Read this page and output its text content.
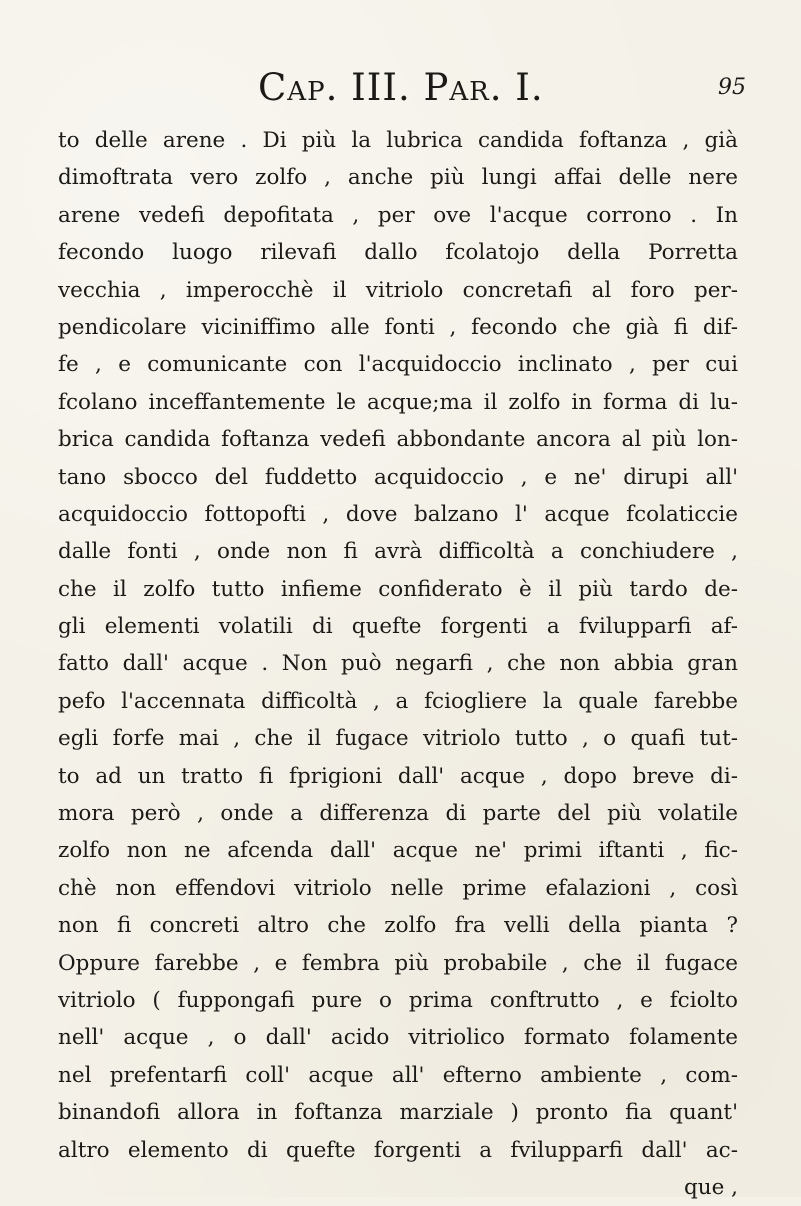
Cap. III. Par. I.	95
to delle arene . Di più la lubrica candida foftanza , già
dimoftrata vero zolfo , anche più lungi affai delle nere
arene vedefi depofitata , per ove l'acque corrono . In
fecondo luogo rilevafi dallo fcolatojo della Porretta
vecchia , imperocchè il vitriolo concretafi al foro per-
pendicolare viciniffimo alle fonti , fecondo che già fi dif-
fe , e comunicante con l'acquidoccio inclinato , per cui
fcolano inceffantemente le acque;ma il zolfo in forma di lu-
brica candida foftanza vedefi abbondante ancora al più lon-
tano sbocco del fuddetto acquidoccio , e ne' dirupi all'
acquidoccio fottopofti , dove balzano l' acque fcolaticcie
dalle fonti , onde non fi avrà difficoltà a conchiudere ,
che il zolfo tutto infieme confiderato è il più tardo de-
gli elementi volatili di quefte forgenti a fvilupparfi af-
fatto dall' acque . Non può negarfi , che non abbia gran
pefo l'accennata difficoltà , a fciogliere la quale farebbe
egli forfe mai , che il fugace vitriolo tutto , o quafi tut-
to ad un tratto fi fprigioni dall' acque , dopo breve di-
mora però , onde a differenza di parte del più volatile
zolfo non ne afcenda dall' acque ne' primi iftanti , fic-
chè non effendovi vitriolo nelle prime efalazioni , così
non fi concreti altro che zolfo fra velli della pianta ?
Oppure farebbe , e fembra più probabile , che il fugace
vitriolo ( fuppongafi pure o prima conftrutto , e fciolto
nell' acque , o dall' acido vitriolico formato folamente
nel prefentarfi coll' acque all' efterno ambiente , com-
binandofi allora in foftanza marziale ) pronto fia quant'
altro elemento di quefte forgenti a fvilupparfi dall' ac-
que ,
